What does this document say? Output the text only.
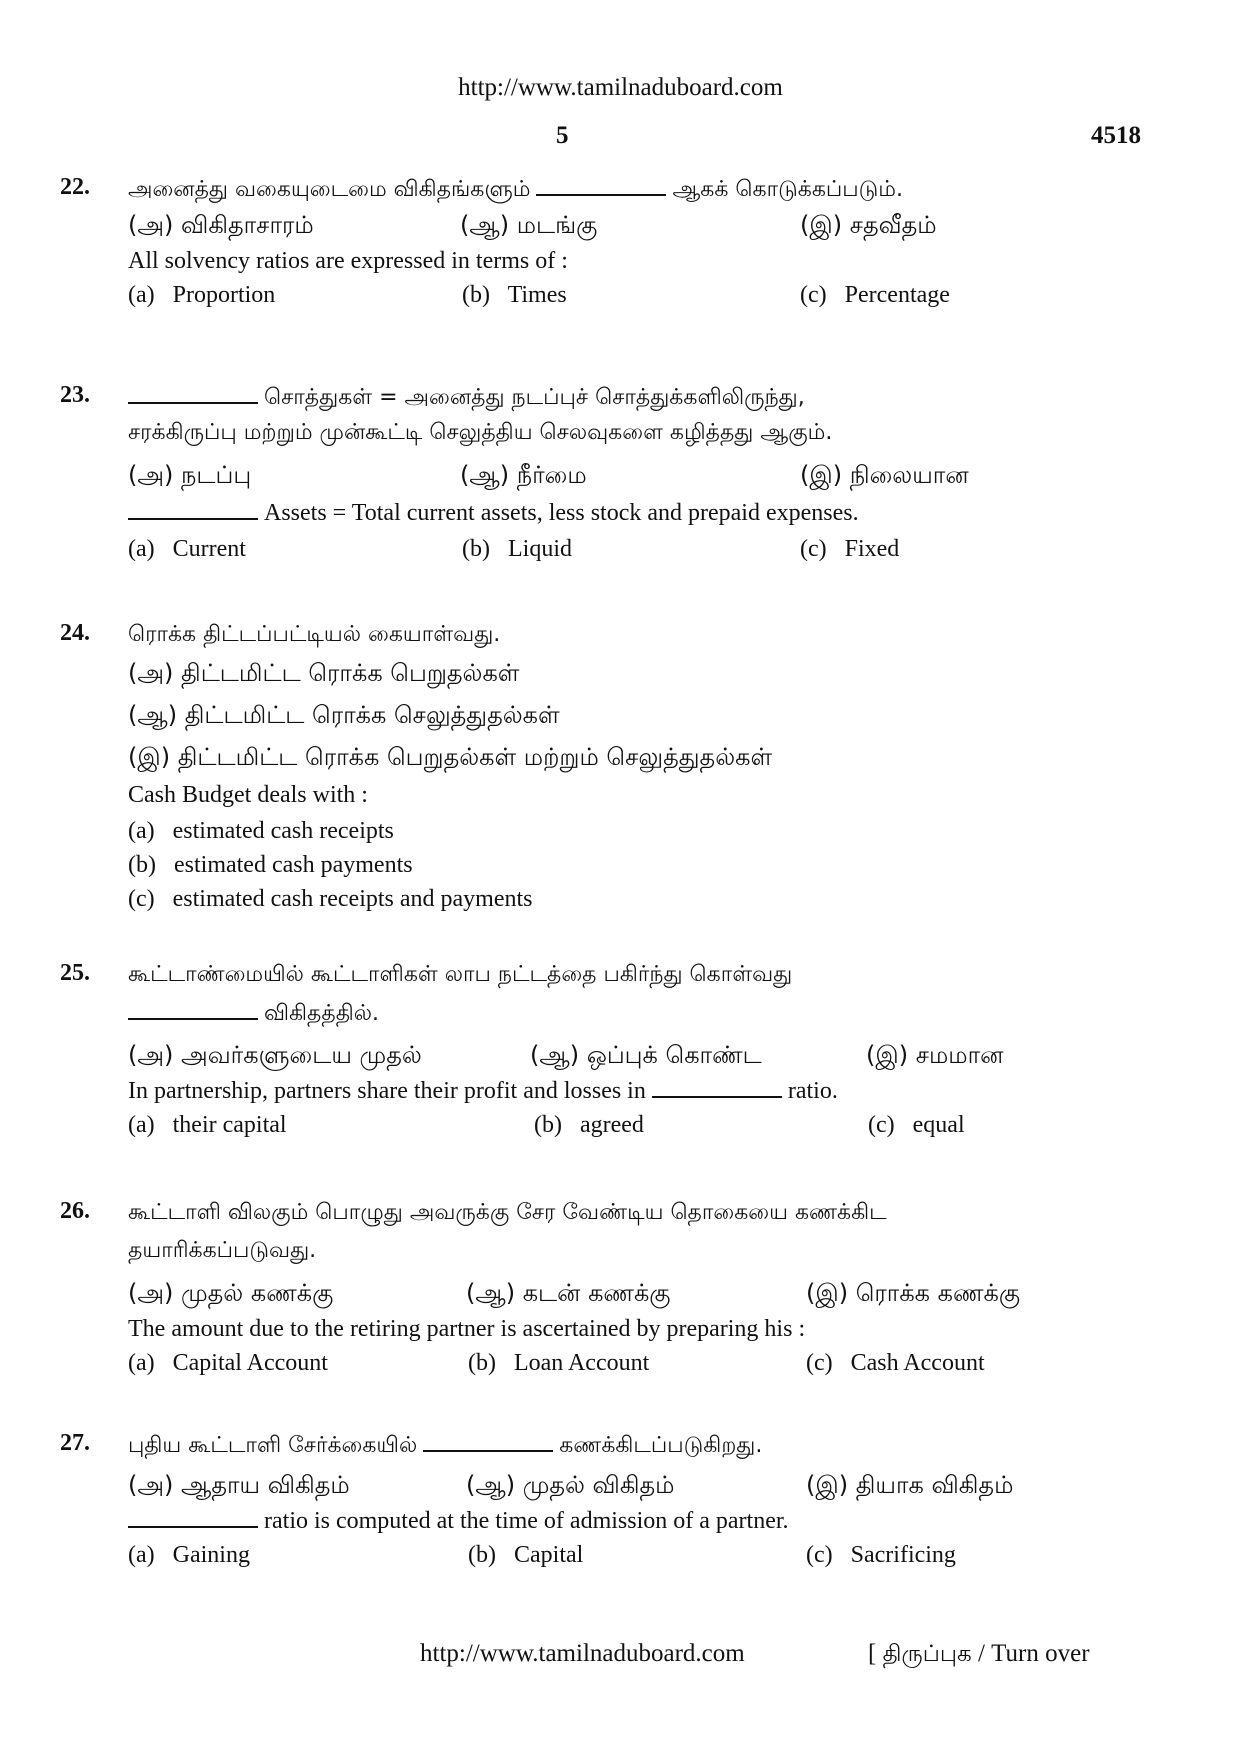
http://www.tamilnaduboard.com
5	4518
22. அனைத்து வகையுடைமை விகிதங்களும்	ஆகக் கொடுக்கப்படும்.
(அ) விகிதாசாரம்	(ஆ) மடங்கு	(இ) சதவீதம்
All solvency ratios are expressed in terms of :
(a) Proportion	(b) Times	(c) Percentage
23.	சொத்துகள் = அனைத்து நடப்புச் சொத்துக்களிலிருந்து,
சரக்கிருப்பு மற்றும் முன்கூட்டி செலுத்திய செலவுகளை கழித்தது ஆகும்.
(அ) நடப்பு	(ஆ) நீர்மை	(இ) நிலையான
Assets = Total current assets, less stock and prepaid expenses.
(a) Current	(b) Liquid	(c) Fixed
24. ரொக்க திட்டப்பட்டியல் கையாள்வது.
(அ) திட்டமிட்ட ரொக்க பெறுதல்கள்
(ஆ) திட்டமிட்ட ரொக்க செலுத்துதல்கள்
(இ) திட்டமிட்ட ரொக்க பெறுதல்கள் மற்றும் செலுத்துதல்கள்
Cash Budget deals with :
(a) estimated cash receipts
(b) estimated cash payments
(c) estimated cash receipts and payments
25. கூட்டாண்மையில் கூட்டாளிகள் லாப நட்டத்தை பகிர்ந்து கொள்வது
விகிதத்தில்.
(அ) அவர்களுடைய முதல்	(ஆ) ஒப்புக் கொண்ட	(இ) சமமான
In partnership, partners share their profit and losses in	ratio.
(a) their capital	(b) agreed	(c) equal
26. கூட்டாளி விலகும் பொழுது அவருக்கு சேர வேண்டிய தொகையை கணக்கிட
தயாரிக்கப்படுவது.
(அ) முதல் கணக்கு	(ஆ) கடன் கணக்கு	(இ) ரொக்க கணக்கு
The amount due to the retiring partner is ascertained by preparing his :
(a) Capital Account	(b) Loan Account	(c) Cash Account
27. புதிய கூட்டாளி சேர்க்கையில்	கணக்கிடப்படுகிறது.
(அ) ஆதாய விகிதம்	(ஆ) முதல் விகிதம்	(இ) தியாக விகிதம்
ratio is computed at the time of admission of a partner.
(a) Gaining	(b) Capital	(c) Sacrificing
http://www.tamilnaduboard.com	[ திருப்புக / Turn over
